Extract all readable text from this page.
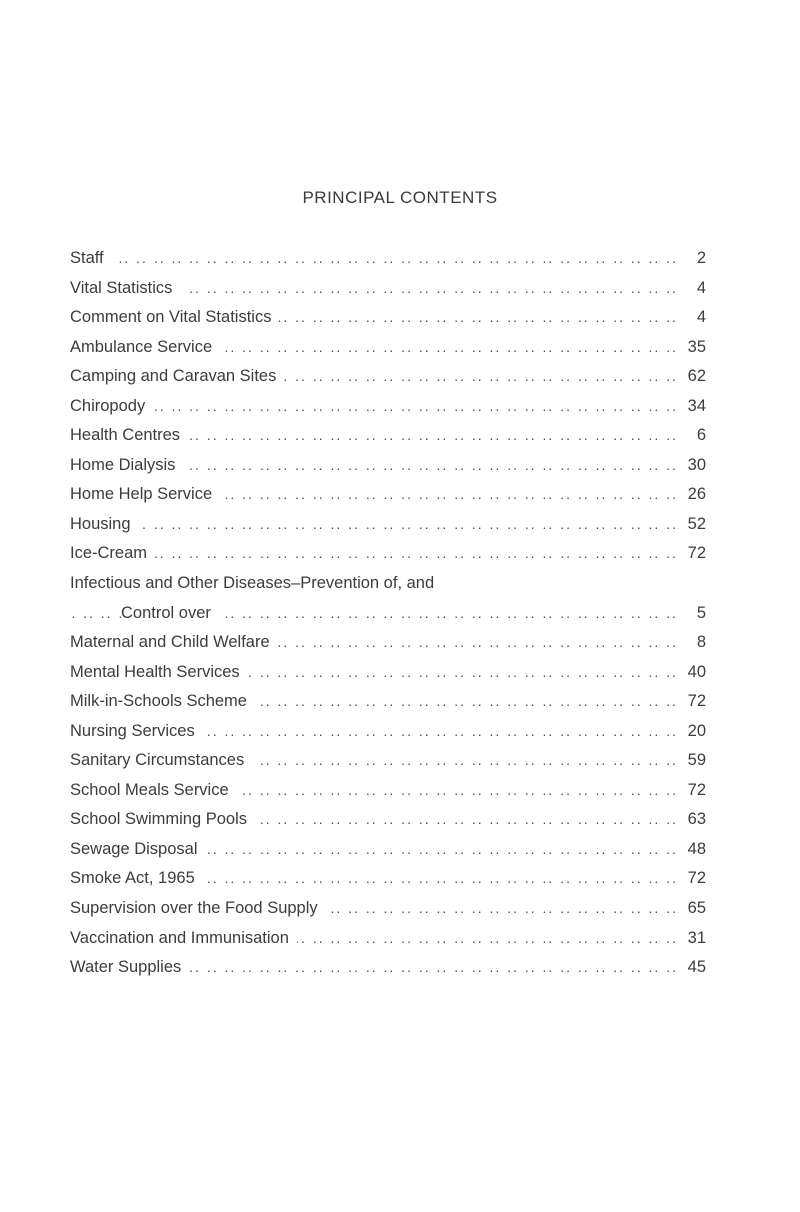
PRINCIPAL CONTENTS
Staff	2
.. ..
Vital Statistics	4
.. ..
Comment on Vital Statistics	4
.. ..
Ambulance Service	35
.. ..
Camping and Caravan Sites	62
.. ..
Chiropody	34
.. ..
Health Centres	6
.. ..
Home Dialysis	30
.. ..
Home Help Service	26
.. ..
Housing	52
.. ..
Ice-Cream	72
.. ..
Infectious and Other Diseases–Prevention of, and
Control over	5
.. ..
Maternal and Child Welfare	8
.. ..
Mental Health Services	40
.. ..
Milk-in-Schools Scheme	72
.. ..
Nursing Services	20
.. ..
Sanitary Circumstances	59
.. ..
School Meals Service	72
.. ..
School Swimming Pools	63
.. ..
Sewage Disposal	48
.. ..
Smoke Act, 1965	72
.. ..
Supervision over the Food Supply	65
.. ..
Vaccination and Immunisation	31
.. ..
Water Supplies	45
.. ..
